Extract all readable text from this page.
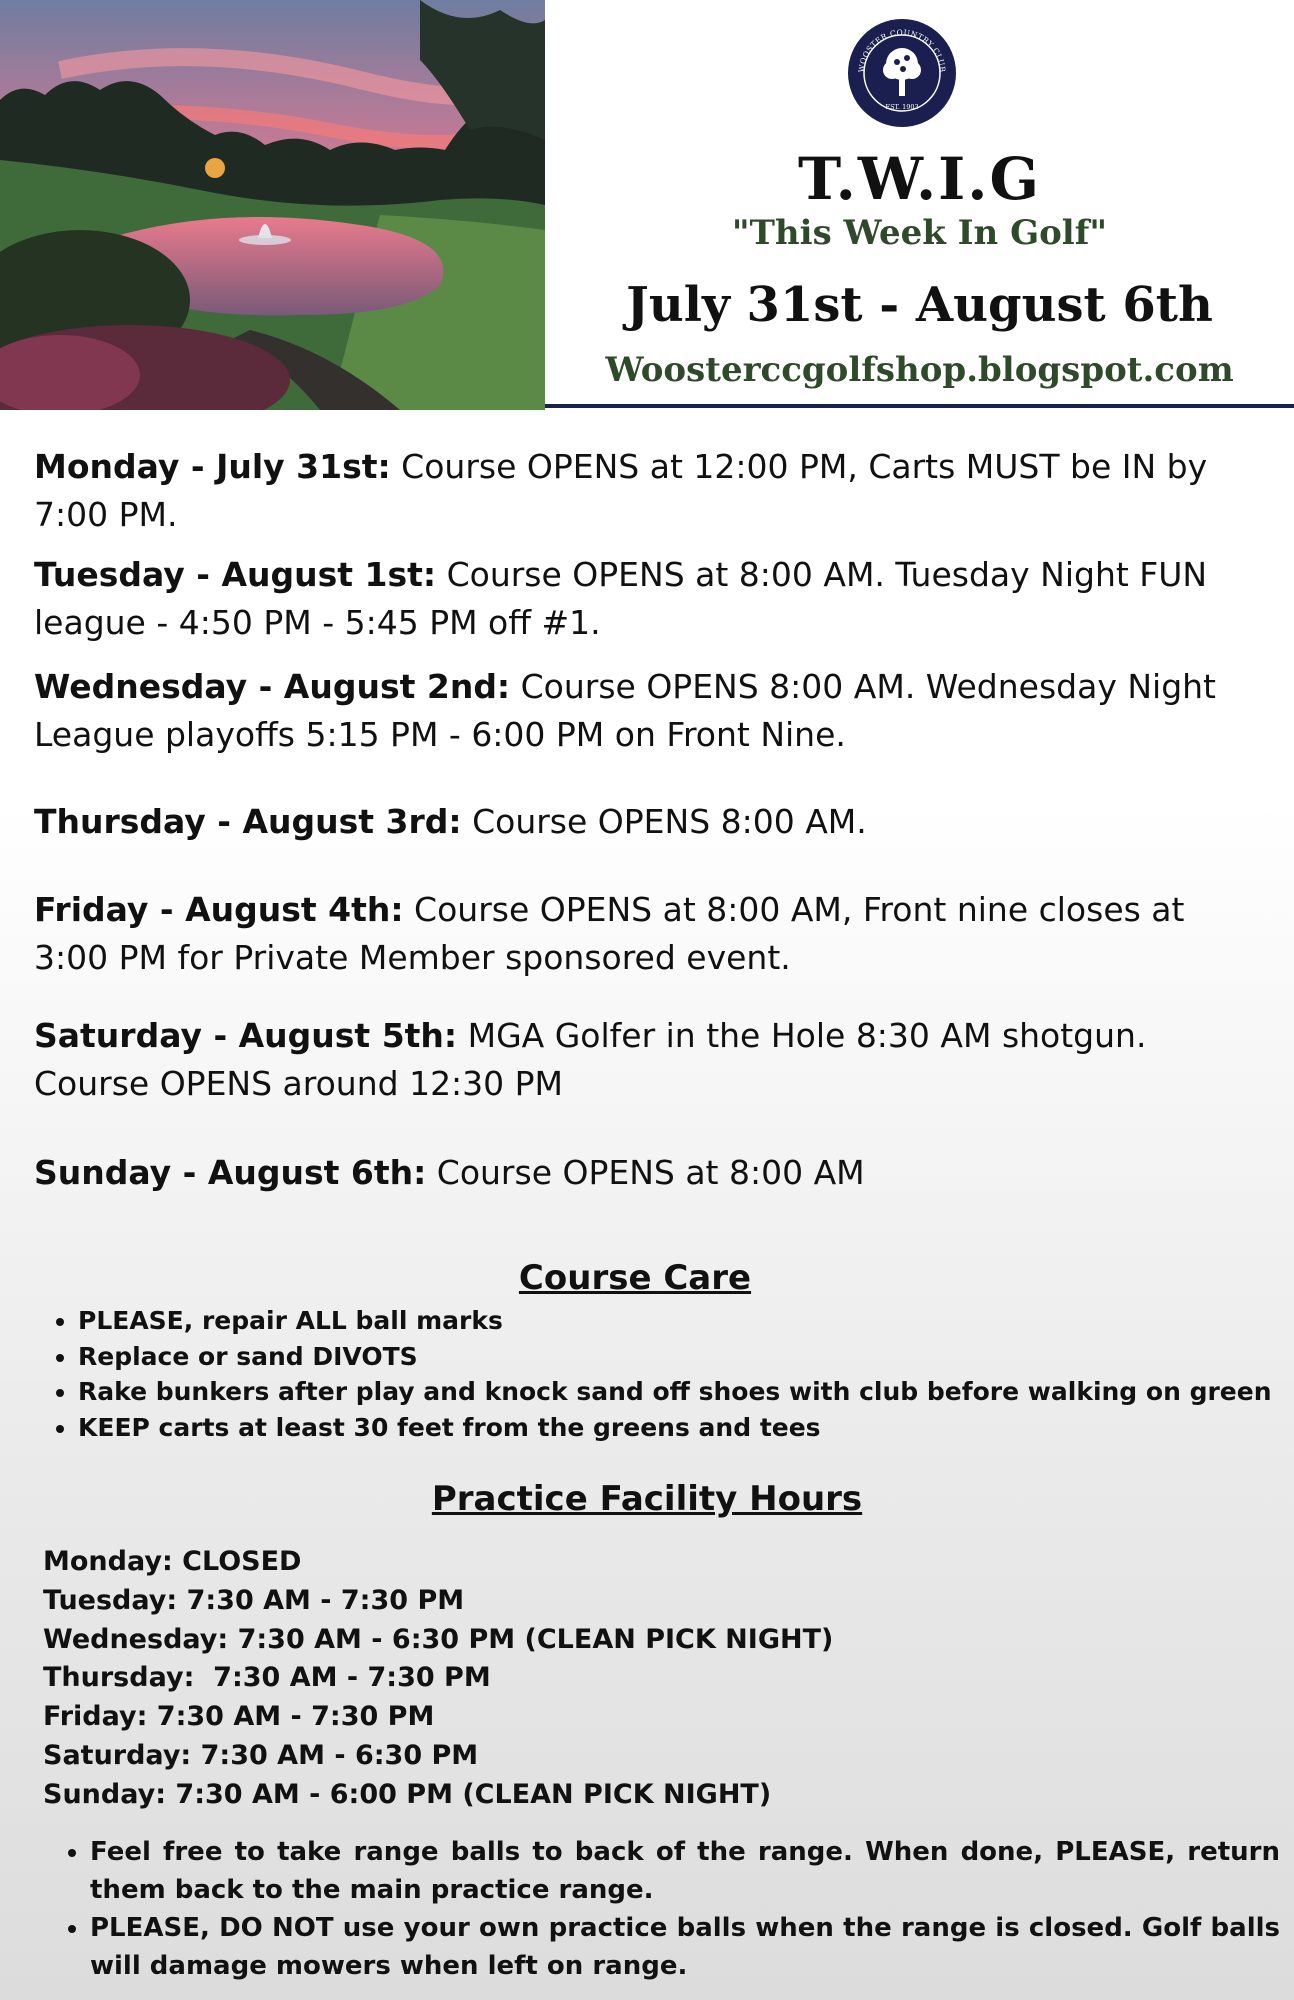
WOOSTER COUNTRY CLUB
EST. 1903
T.W.I.G
"This Week In Golf"
July 31st - August 6th
Woosterccgolfshop.blogspot.com

Monday - July 31st: Course OPENS at 12:00 PM, Carts MUST be IN by 7:00 PM.

Tuesday - August 1st: Course OPENS at 8:00 AM. Tuesday Night FUN league - 4:50 PM - 5:45 PM off #1.

Wednesday - August 2nd: Course OPENS 8:00 AM. Wednesday Night League playoffs 5:15 PM - 6:00 PM on Front Nine.

Thursday - August 3rd: Course OPENS 8:00 AM.

Friday - August 4th: Course OPENS at 8:00 AM, Front nine closes at 3:00 PM for Private Member sponsored event.

Saturday - August 5th: MGA Golfer in the Hole 8:30 AM shotgun. Course OPENS around 12:30 PM

Sunday - August 6th: Course OPENS at 8:00 AM

Course Care
• PLEASE, repair ALL ball marks
• Replace or sand DIVOTS
• Rake bunkers after play and knock sand off shoes with club before walking on green
• KEEP carts at least 30 feet from the greens and tees
Practice Facility Hours
Monday: CLOSED
Tuesday: 7:30 AM - 7:30 PM
Wednesday: 7:30 AM - 6:30 PM (CLEAN PICK NIGHT)
Thursday:  7:30 AM - 7:30 PM
Friday: 7:30 AM - 7:30 PM
Saturday: 7:30 AM - 6:30 PM
Sunday: 7:30 AM - 6:00 PM (CLEAN PICK NIGHT)
• Feel free to take range balls to back of the range. When done, PLEASE, return them back to the main practice range.
• PLEASE, DO NOT use your own practice balls when the range is closed. Golf balls will damage mowers when left on range.
